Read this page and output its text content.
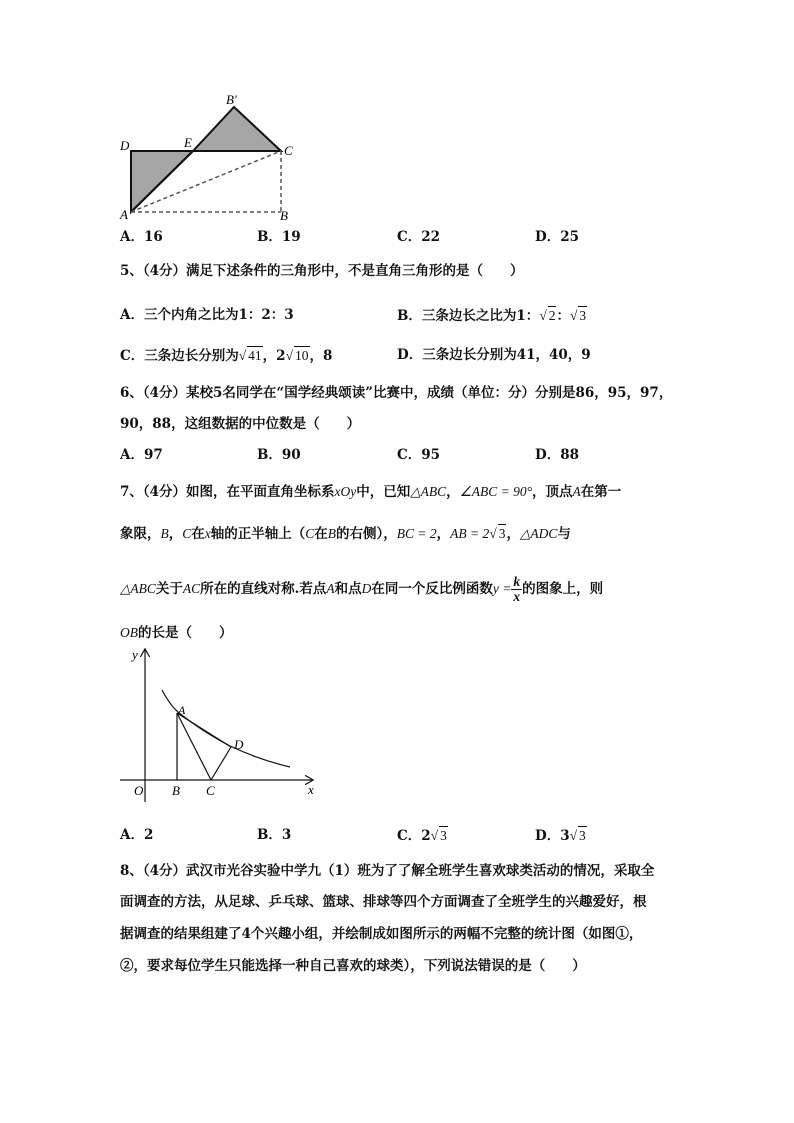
D	E
B′
C
A	B
A．16	B．19	C．22	D．25
5、（4分）满足下述条件的三角形中，不是直角三角形的是（　　）
A．三个内角之比为1：2：3	B．三条边长之比为1：√ 2：√ 3
C．三条边长分别为√ 41，2√ 10，8	D．三条边长分别为41，40，9
6、（4分）某校5名同学在“国学经典颂读”比赛中，成绩（单位：分）分别是86，95，97，
90，88，这组数据的中位数是（　　）
A．97	B．90	C．95	D．88
7、（4分）如图，在平面直角坐标系xOy中，已知△ABC，∠ABC = 90°，顶点A在第一
象限，B，C在x轴的正半轴上（C在B的右侧），BC = 2，AB = 2√ 3，△ADC与
△ABC关于AC所在的直线对称.若点A和点D在同一个反比例函数$y = \frac{k}{x}$ 的图象上，则
OB的长是（　　）
y
x
O
A
B C
D
A．2	B．3	C．2√ 3	D．3√ 3
8、（4分）武汉市光谷实验中学九（1）班为了了解全班学生喜欢球类活动的情况，采取全
面调查的方法，从足球、乒乓球、篮球、排球等四个方面调查了全班学生的兴趣爱好，根
据调查的结果组建了4个兴趣小组，并绘制成如图所示的两幅不完整的统计图（如图①，
②，要求每位学生只能选择一种自己喜欢的球类），下列说法错误的是（　　）
